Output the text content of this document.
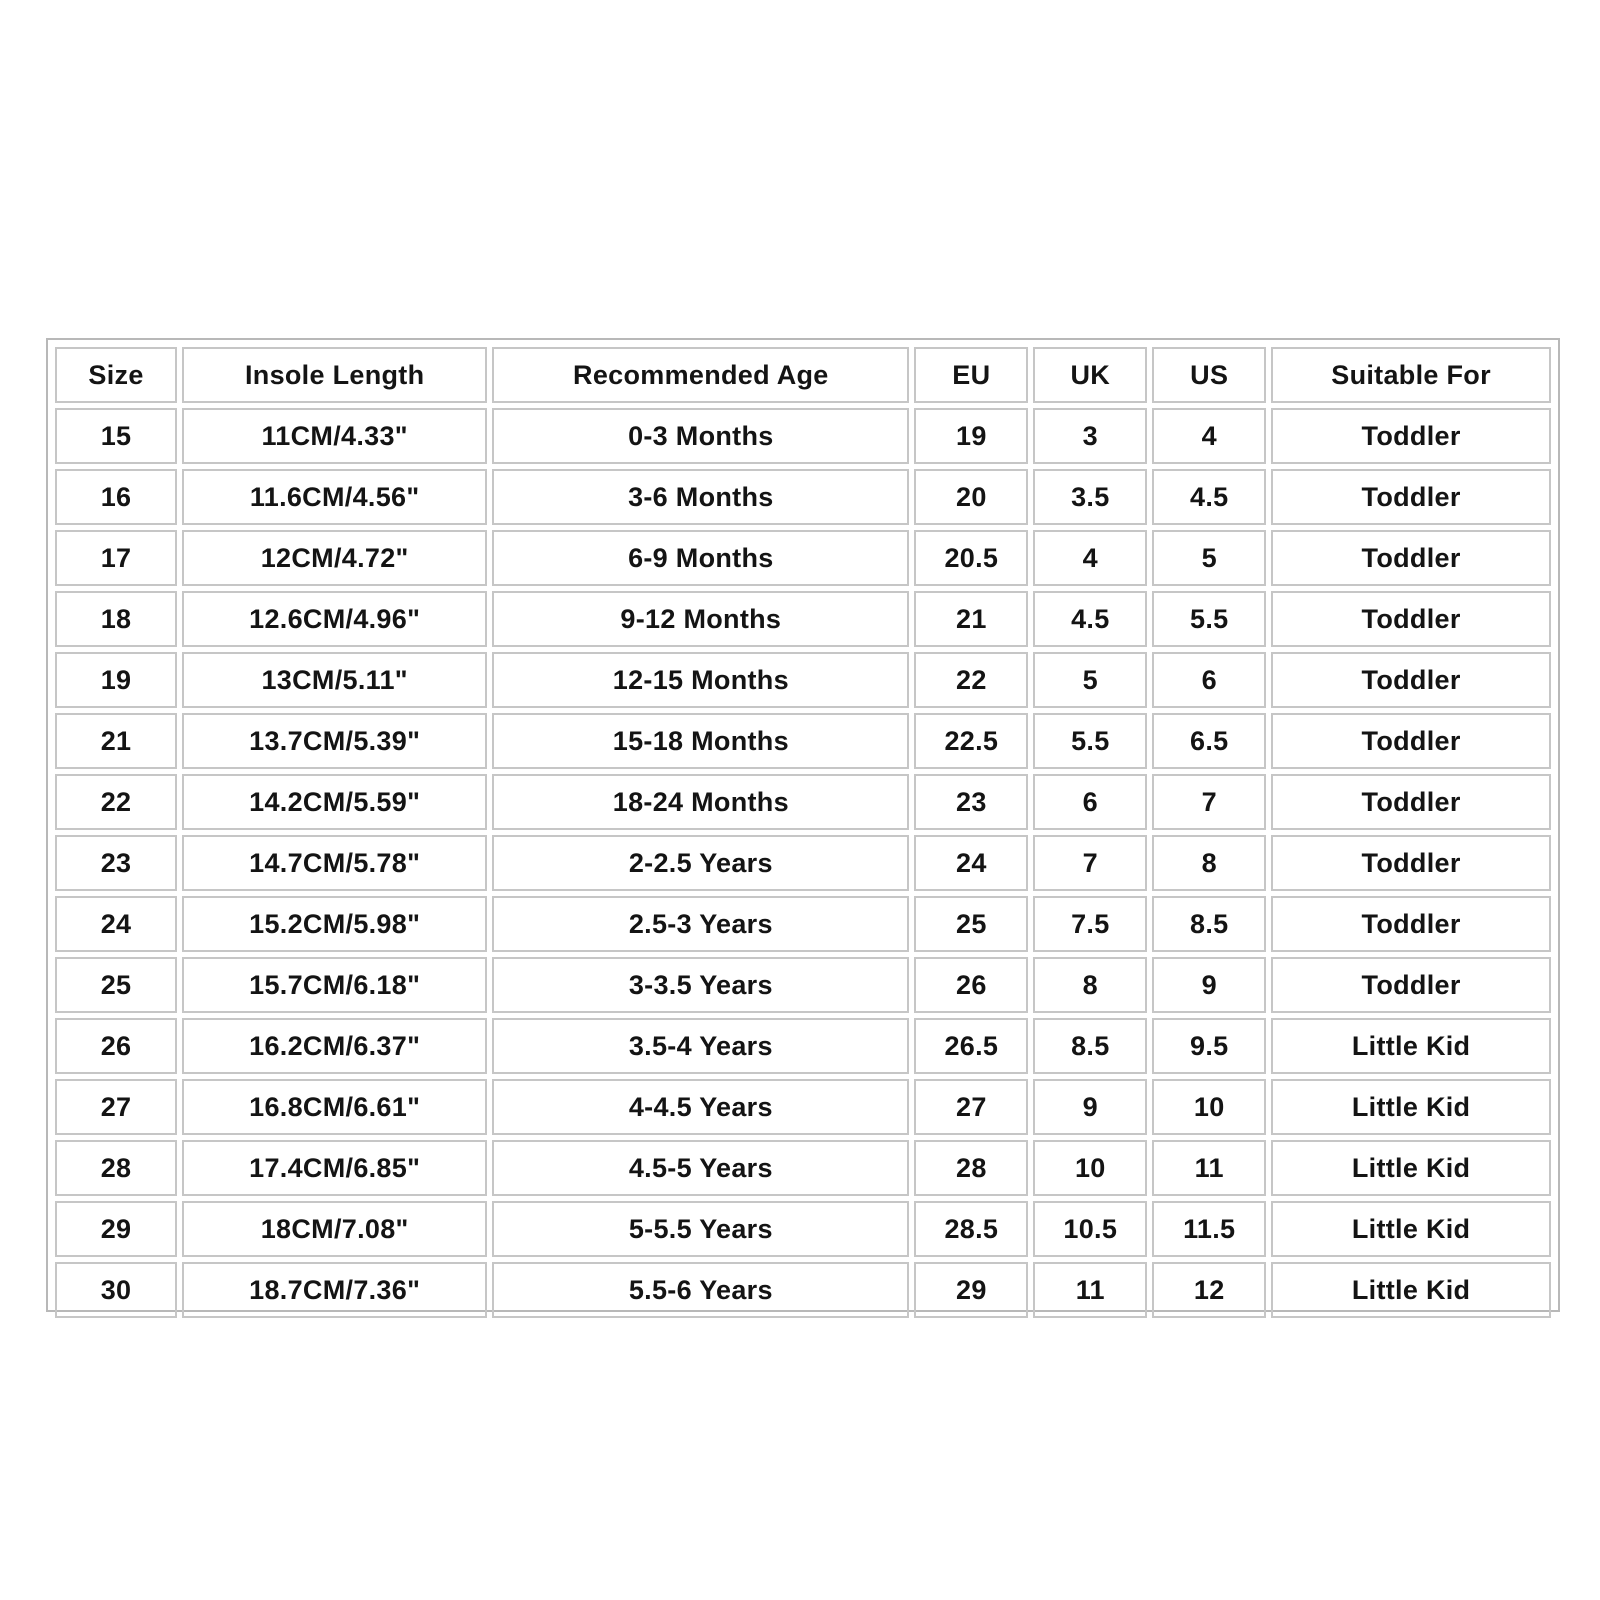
Size	Insole Length	Recommended Age	EU	UK	US	Suitable For
15	11CM/4.33"	0-3 Months	19	3	4	Toddler
16	11.6CM/4.56"	3-6 Months	20	3.5	4.5	Toddler
17	12CM/4.72"	6-9 Months	20.5	4	5	Toddler
18	12.6CM/4.96"	9-12 Months	21	4.5	5.5	Toddler
19	13CM/5.11"	12-15 Months	22	5	6	Toddler
21	13.7CM/5.39"	15-18 Months	22.5	5.5	6.5	Toddler
22	14.2CM/5.59"	18-24 Months	23	6	7	Toddler
23	14.7CM/5.78"	2-2.5 Years	24	7	8	Toddler
24	15.2CM/5.98"	2.5-3 Years	25	7.5	8.5	Toddler
25	15.7CM/6.18"	3-3.5 Years	26	8	9	Toddler
26	16.2CM/6.37"	3.5-4 Years	26.5	8.5	9.5	Little Kid
27	16.8CM/6.61"	4-4.5 Years	27	9	10	Little Kid
28	17.4CM/6.85"	4.5-5 Years	28	10	11	Little Kid
29	18CM/7.08"	5-5.5 Years	28.5	10.5	11.5	Little Kid
30	18.7CM/7.36"	5.5-6 Years	29	11	12	Little Kid
